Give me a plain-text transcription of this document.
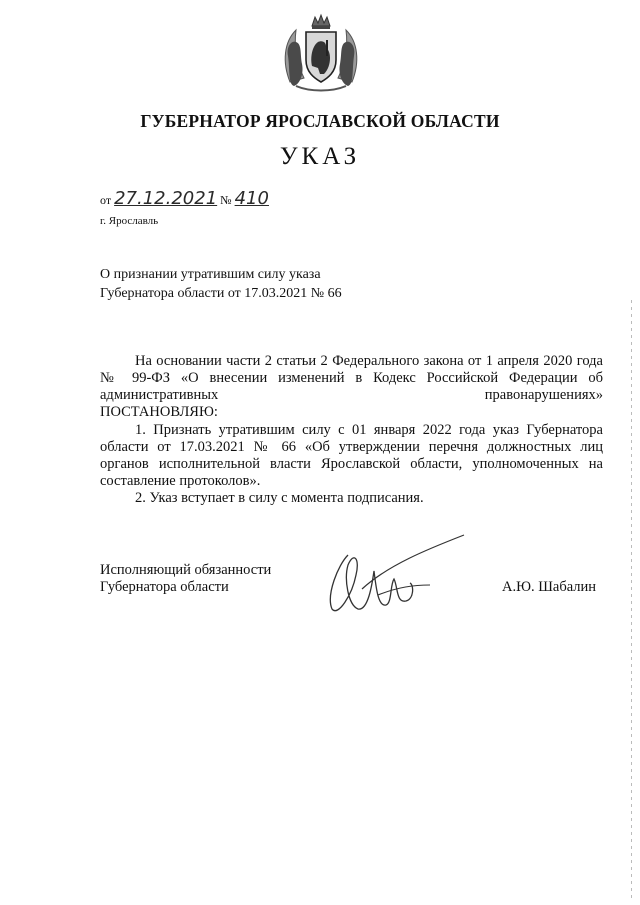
ГУБЕРНАТОР ЯРОСЛАВСКОЙ ОБЛАСТИ
УКАЗ
от 27.12.2021 № 410
г. Ярославль
О признании утратившим силу указа Губернатора области от 17.03.2021 № 66
На основании части 2 статьи 2 Федерального закона от 1 апреля 2020 года № 99-ФЗ «О внесении изменений в Кодекс Российской Федерации об административных правонарушениях»
ПОСТАНОВЛЯЮ:
1. Признать утратившим силу с 01 января 2022 года указ Губернатора области от 17.03.2021 № 66 «Об утверждении перечня должностных лиц органов исполнительной власти Ярославской области, уполномоченных на составление протоколов».
2. Указ вступает в силу с момента подписания.
Исполняющий обязанности
Губернатора области	А.Ю. Шабалин
